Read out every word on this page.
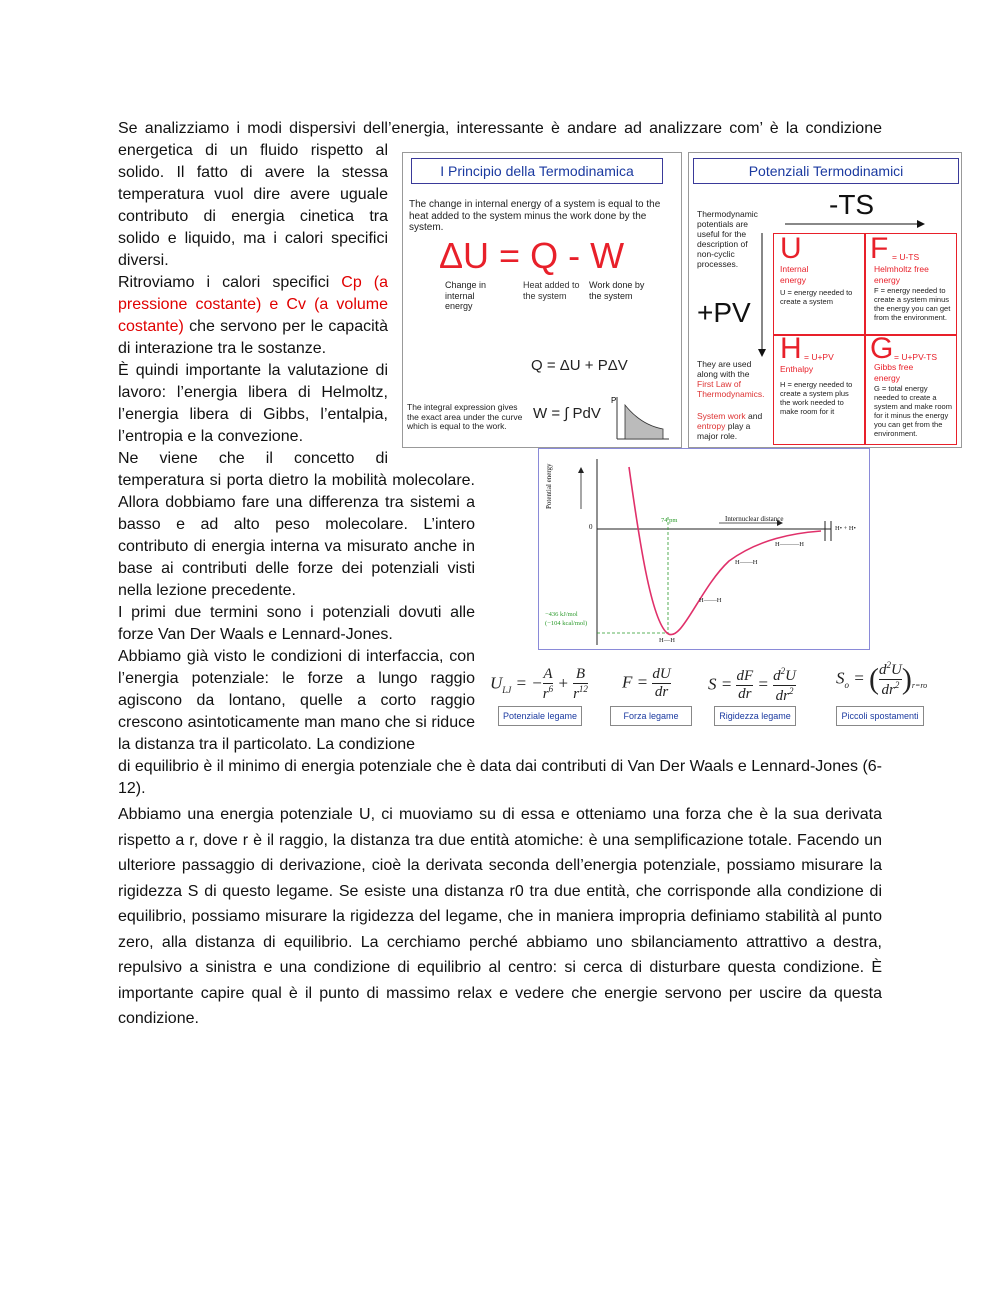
Se analizziamo i modi dispersivi dell’energia, interessante è andare ad analizzare com’ è la condizione

energetica di un fluido rispetto al solido. Il fatto di avere la stessa temperatura vuol dire avere uguale contributo di energia cinetica tra solido e liquido, ma i calori specifici diversi.
Ritroviamo i calori specifici Cp (a pressione costante) e Cv (a volume costante) che servono per le capacità di interazione tra le sostanze.
È quindi importante la valutazione di lavoro: l’energia libera di Helmoltz, l’energia libera di Gibbs, l’entalpia, l’entropia e la convezione.
Ne viene che il concetto di
temperatura si porta dietro la mobilità molecolare. Allora dobbiamo fare una differenza tra sistemi a basso e ad alto peso molecolare. L’intero contributo di energia interna va misurato anche in base ai contributi delle forze dei potenziali visti nella lezione precedente.
I primi due termini sono i potenziali dovuti alle forze Van Der Waals e Lennard-Jones.
Abbiamo già visto le condizioni di interfaccia, con l’energia potenziale: le forze a lungo raggio agiscono da lontano, quelle a corto raggio crescono asintoticamente man mano che si riduce la distanza tra il particolato. La condizione
di equilibrio è il minimo di energia potenziale che è data dai contributi di Van Der Waals e Lennard-Jones (6-12).
Abbiamo una energia potenziale U, ci muoviamo su di essa e otteniamo una forza che è la sua derivata rispetto a r, dove r è il raggio, la distanza tra due entità atomiche: è una semplificazione totale. Facendo un ulteriore passaggio di derivazione, cioè la derivata seconda dell’energia potenziale, possiamo misurare la rigidezza S di questo legame. Se esiste una distanza r0 tra due entità, che corrisponde alla condizione di equilibrio, possiamo misurare la rigidezza del legame, che in maniera impropria definiamo stabilità al punto zero, alla distanza di equilibrio. La cerchiamo perché abbiamo uno sbilanciamento attrattivo a destra, repulsivo a sinistra e una condizione di equilibrio al centro: si cerca di disturbare questa condizione. È importante capire qual è il punto di massimo relax e vedere che energie servono per uscire da questa condizione.
I Principio della Termodinamica
The change in internal energy of a system is equal to the heat added to the system minus the work done by the system.
ΔU = Q - W
Change in internal energy
Heat added to the system
Work done by the system
Q = ΔU + PΔV
The integral expression gives the exact area under the curve which is equal to the work.
W = ∫ PdV
P
Potenziali Termodinamici
-TS
Thermodynamic potentials are useful for the description of non-cyclic processes.
+PV
They are used along with the First Law of Thermodynamics.
System work and entropy play a major role.
U
Internal energy
U = energy needed to create a system
F = U-TS
Helmholtz free energy
F = energy needed to create a system minus the energy you can get from the environment.
H = U+PV
Enthalpy
H = energy needed to create a system plus the work needed to make room for it
G = U+PV-TS
Gibbs free energy
G = total energy needed to create a system and make room for it minus the energy you can get from the environment.
Potential energy
Internuclear distance
0
74 pm
−436 kJ/mol
(−104 kcal/mol)
H—H
H• + H•
H———H
H——H
H——H
$U_{LJ}$ = − $\frac{A}{r^6} + \frac{B}{r^{12}}$ $F = \frac{dU}{dr}$ $S = \frac{dF}{dr} = \frac{d^2U}{dr^2} S_o$ = ( $\frac{d^2U}{dr^2} )_{r=ro}$
Potenziale legame	Forza legame	Rigidezza legame	Piccoli spostamenti
